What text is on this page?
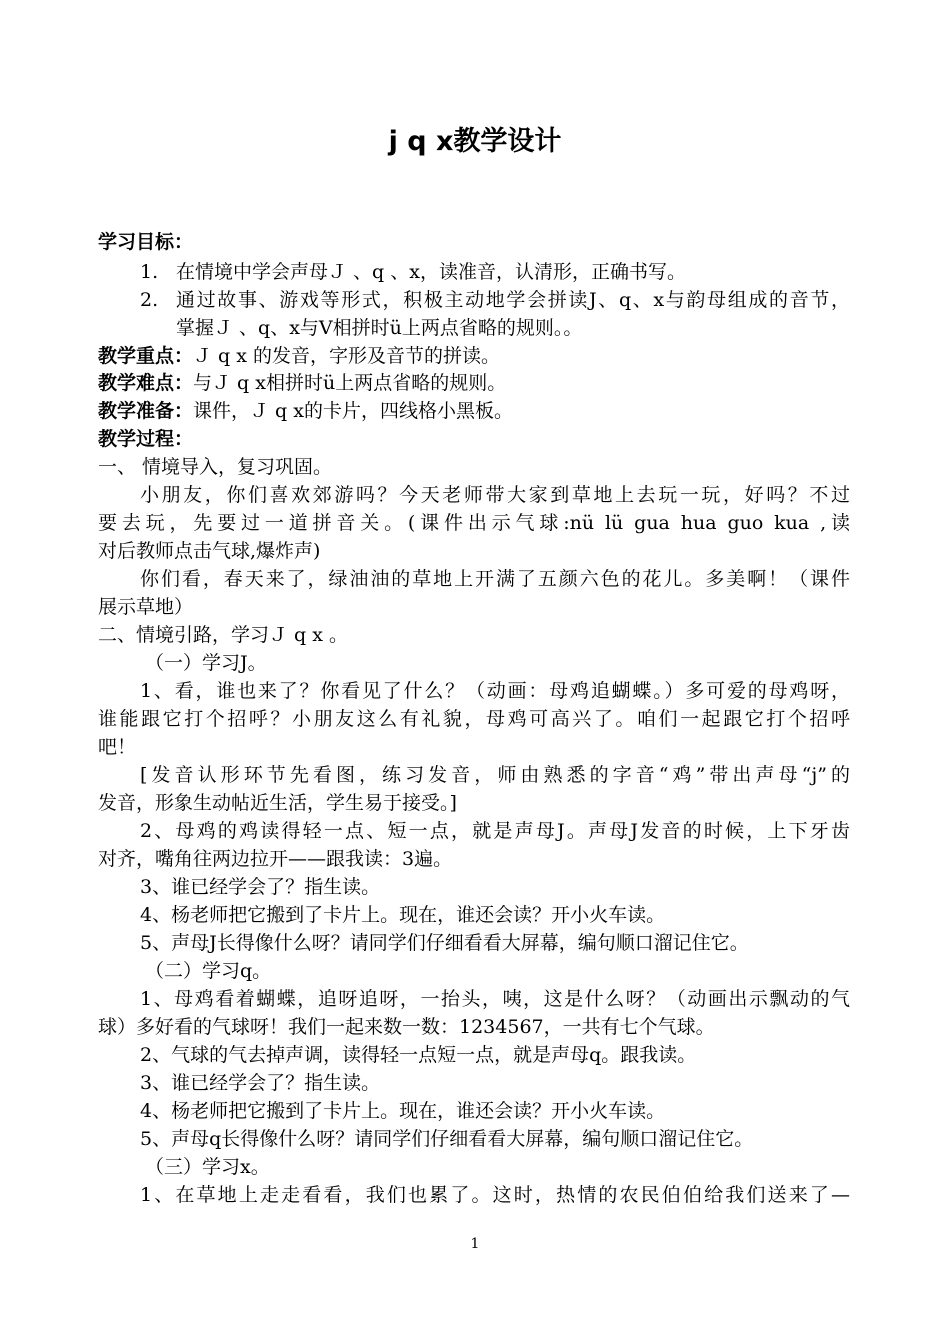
j q x教学设计
学习目标：
1. 在情境中学会声母Ｊ 、q 、x，读准音，认清形，正确书写。
2. 通过故事、游戏等形式，积极主动地学会拼读J、q、x与韵母组成的音节，
掌握Ｊ 、q、x与V相拼时ü上两点省略的规则。。
教学重点：Ｊ q x 的发音，字形及音节的拼读。
教学难点：与Ｊ q x相拼时ü上两点省略的规则。
教学准备：课件，Ｊ q x的卡片，四线格小黑板。
教学过程：
一、 情境导入，复习巩固。
小朋友，你们喜欢郊游吗？今天老师带大家到草地上去玩一玩，好吗？不过
要去玩，先要过一道拼音关。(课件出示气球:nü lü gua hua guo kua ,读
对后教师点击气球,爆炸声)
你们看，春天来了，绿油油的草地上开满了五颜六色的花儿。多美啊！（课件
展示草地）
二、情境引路，学习Ｊ q x 。
（一）学习J。
1、看，谁也来了？你看见了什么？（动画：母鸡追蝴蝶。）多可爱的母鸡呀，
谁能跟它打个招呼？小朋友这么有礼貌，母鸡可高兴了。咱们一起跟它打个招呼
吧！
[发音认形环节先看图，练习发音，师由熟悉的字音“鸡”带出声母“j”的
发音，形象生动帖近生活，学生易于接受。]
2、母鸡的鸡读得轻一点、短一点，就是声母J。声母J发音的时候，上下牙齿
对齐，嘴角往两边拉开——跟我读：3遍。
3、谁已经学会了？指生读。
4、杨老师把它搬到了卡片上。现在，谁还会读？开小火车读。
5、声母J长得像什么呀？请同学们仔细看看大屏幕，编句顺口溜记住它。
（二）学习q。
1、母鸡看着蝴蝶，追呀追呀，一抬头，咦，这是什么呀？（动画出示飘动的气
球）多好看的气球呀！我们一起来数一数：1234567，一共有七个气球。
2、气球的气去掉声调，读得轻一点短一点，就是声母q。跟我读。
3、谁已经学会了？指生读。
4、杨老师把它搬到了卡片上。现在，谁还会读？开小火车读。
5、声母q长得像什么呀？请同学们仔细看看大屏幕，编句顺口溜记住它。
（三）学习x。
1、在草地上走走看看，我们也累了。这时，热情的农民伯伯给我们送来了—
1
